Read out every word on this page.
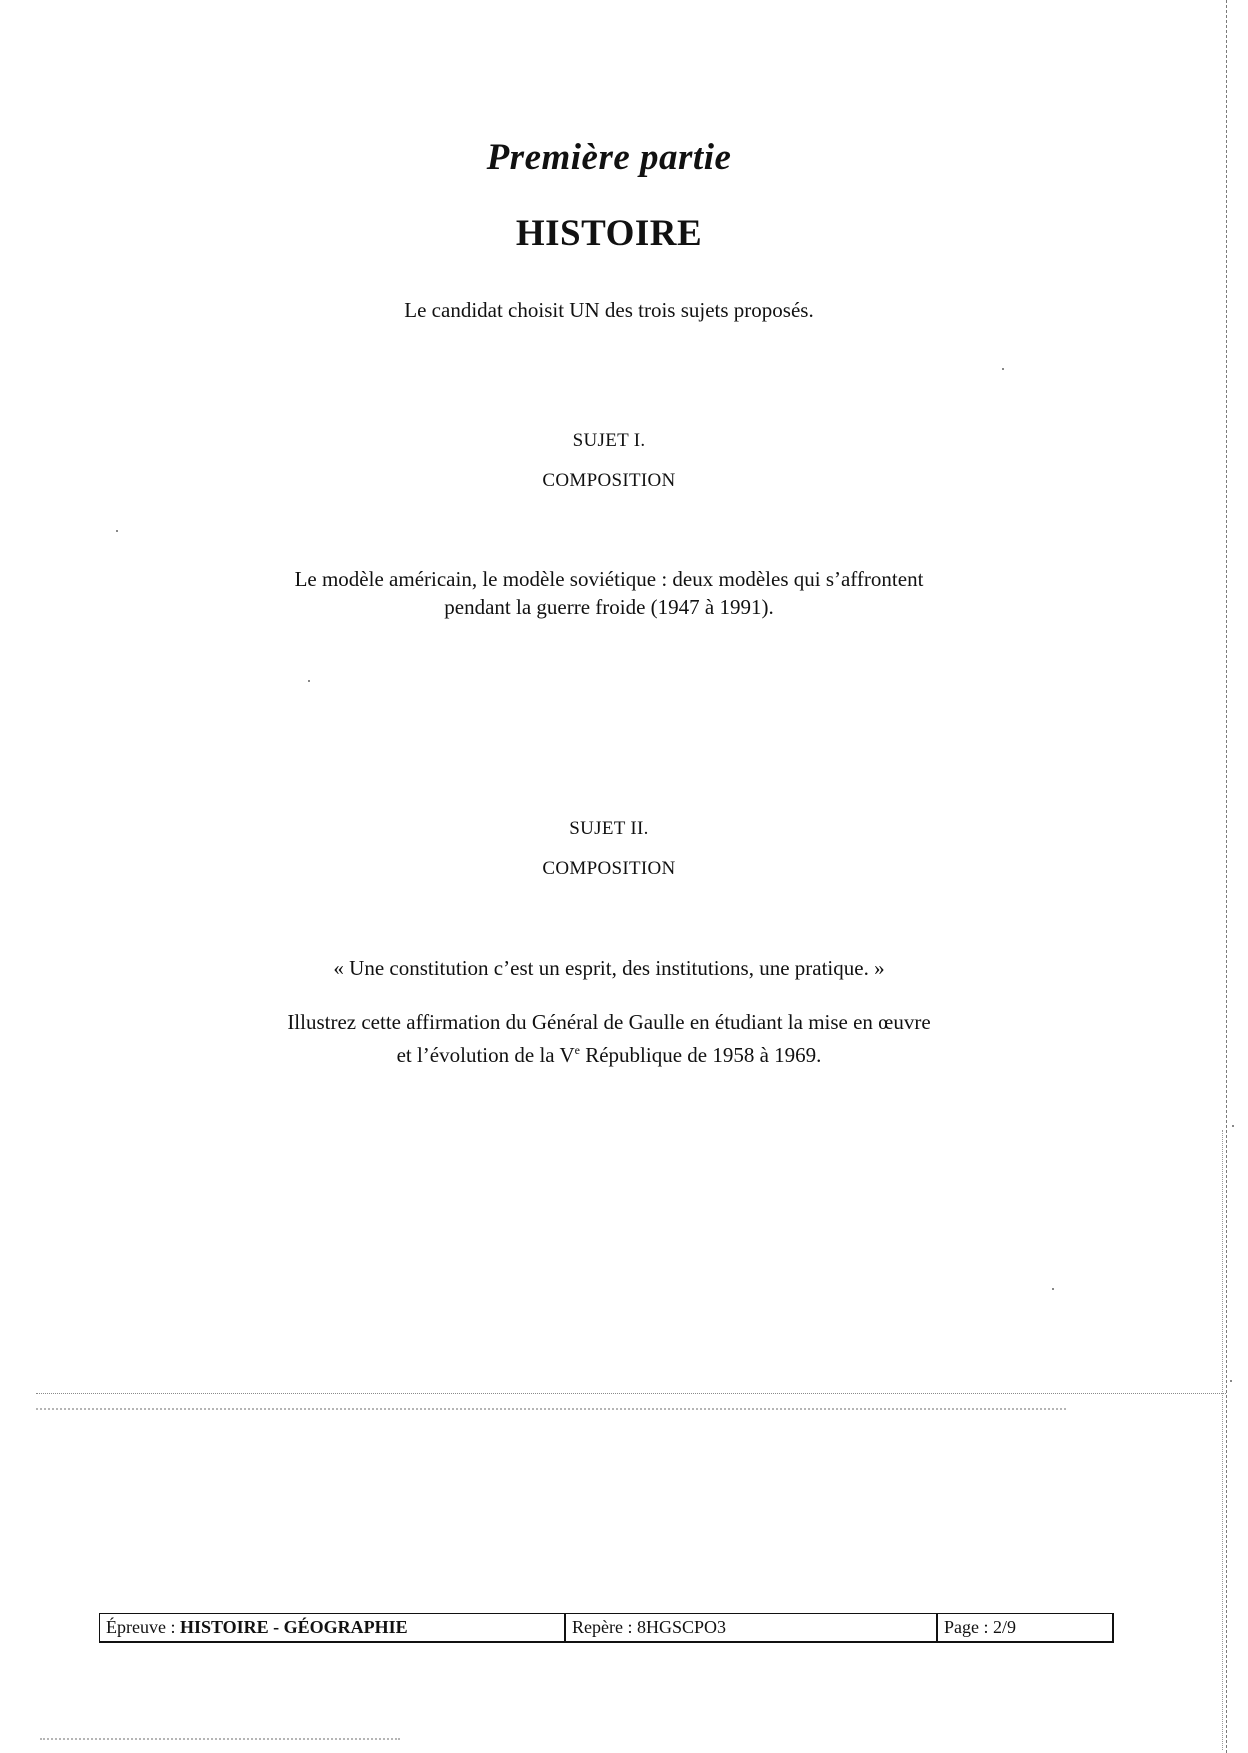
Première partie
HISTOIRE
Le candidat choisit UN des trois sujets proposés.
SUJET I.
COMPOSITION
Le modèle américain, le modèle soviétique : deux modèles qui s’affrontent
pendant la guerre froide (1947 à 1991).
SUJET II.
COMPOSITION
« Une constitution c’est un esprit, des institutions, une pratique. »
Illustrez cette affirmation du Général de Gaulle en étudiant la mise en œuvre
et l’évolution de la Ve République de 1958 à 1969.
Épreuve : HISTOIRE - GÉOGRAPHIE	Repère : 8HGSCPO3	Page : 2/9
